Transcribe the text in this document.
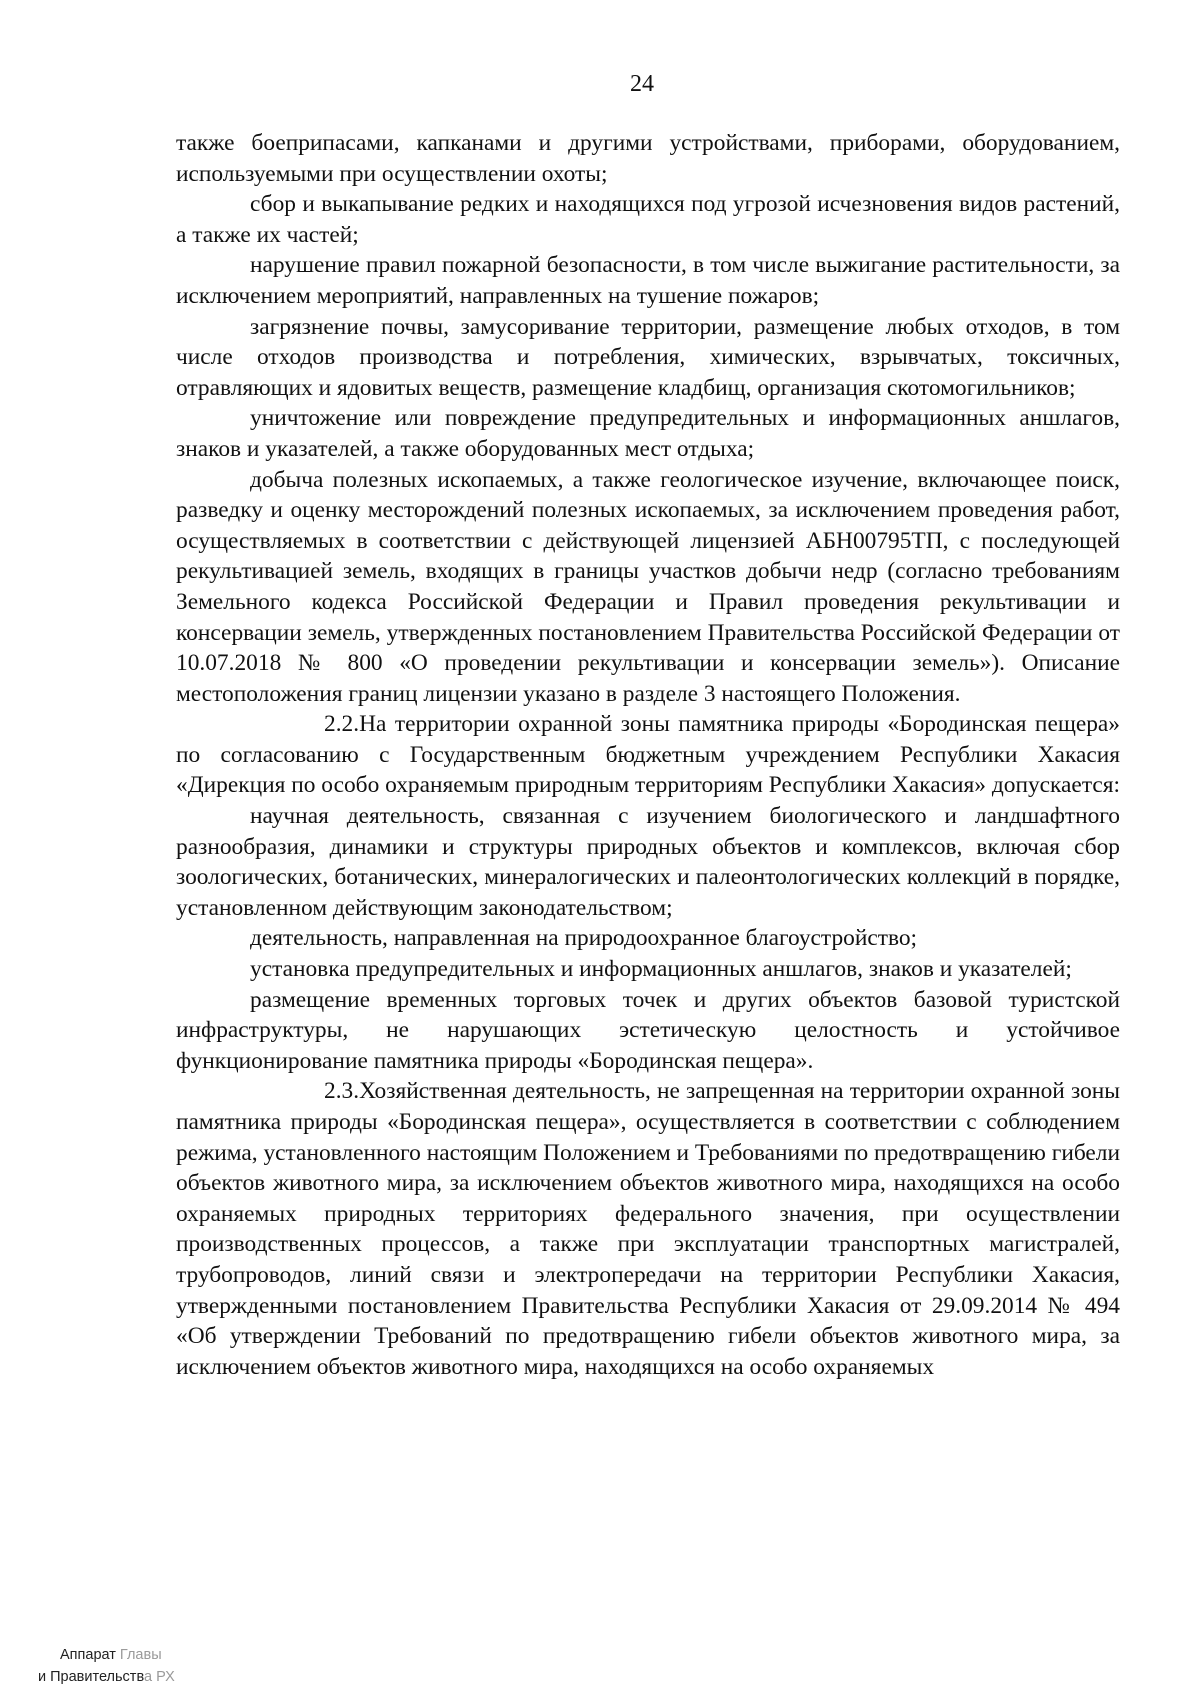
24

также боеприпасами, капканами и другими устройствами, приборами, оборудованием, используемыми при осуществлении охоты;

сбор и выкапывание редких и находящихся под угрозой исчезновения видов растений, а также их частей;

нарушение правил пожарной безопасности, в том числе выжигание растительности, за исключением мероприятий, направленных на тушение пожаров;

загрязнение почвы, замусоривание территории, размещение любых отходов, в том числе отходов производства и потребления, химических, взрывчатых, токсичных, отравляющих и ядовитых веществ, размещение кладбищ, организация скотомогильников;

уничтожение или повреждение предупредительных и информационных аншлагов, знаков и указателей, а также оборудованных мест отдыха;

добыча полезных ископаемых, а также геологическое изучение, включающее поиск, разведку и оценку месторождений полезных ископаемых, за исключением проведения работ, осуществляемых в соответствии с действующей лицензией АБН00795ТП, с последующей рекультивацией земель, входящих в границы участков добычи недр (согласно требованиям Земельного кодекса Российской Федерации и Правил проведения рекультивации и консервации земель, утвержденных постановлением Правительства Российской Федерации от 10.07.2018 № 800 «О проведении рекультивации и консервации земель»). Описание местоположения границ лицензии указано в разделе 3 настоящего Положения.

2.2.На территории охранной зоны памятника природы «Бородинская пещера» по согласованию с Государственным бюджетным учреждением Республики Хакасия «Дирекция по особо охраняемым природным территориям Республики Хакасия» допускается:

научная деятельность, связанная с изучением биологического и ландшафтного разнообразия, динамики и структуры природных объектов и комплексов, включая сбор зоологических, ботанических, минералогических и палеонтологических коллекций в порядке, установленном действующим законодательством;

деятельность, направленная на природоохранное благоустройство;

установка предупредительных и информационных аншлагов, знаков и указателей;

размещение временных торговых точек и других объектов базовой туристской инфраструктуры, не нарушающих эстетическую целостность и устойчивое функционирование памятника природы «Бородинская пещера».

2.3.Хозяйственная деятельность, не запрещенная на территории охранной зоны памятника природы «Бородинская пещера», осуществляется в соответствии с соблюдением режима, установленного настоящим Положением и Требованиями по предотвращению гибели объектов животного мира, за исключением объектов животного мира, находящихся на особо охраняемых природных территориях федерального значения, при осуществлении производственных процессов, а также при эксплуатации транспортных магистралей, трубопроводов, линий связи и электропередачи на территории Республики Хакасия, утвержденными постановлением Правительства Республики Хакасия от 29.09.2014 № 494 «Об утверждении Требований по предотвращению гибели объектов животного мира, за исключением объектов животного мира, находящихся на особо охраняемых

Аппарат Главы
и Правительства РХ
